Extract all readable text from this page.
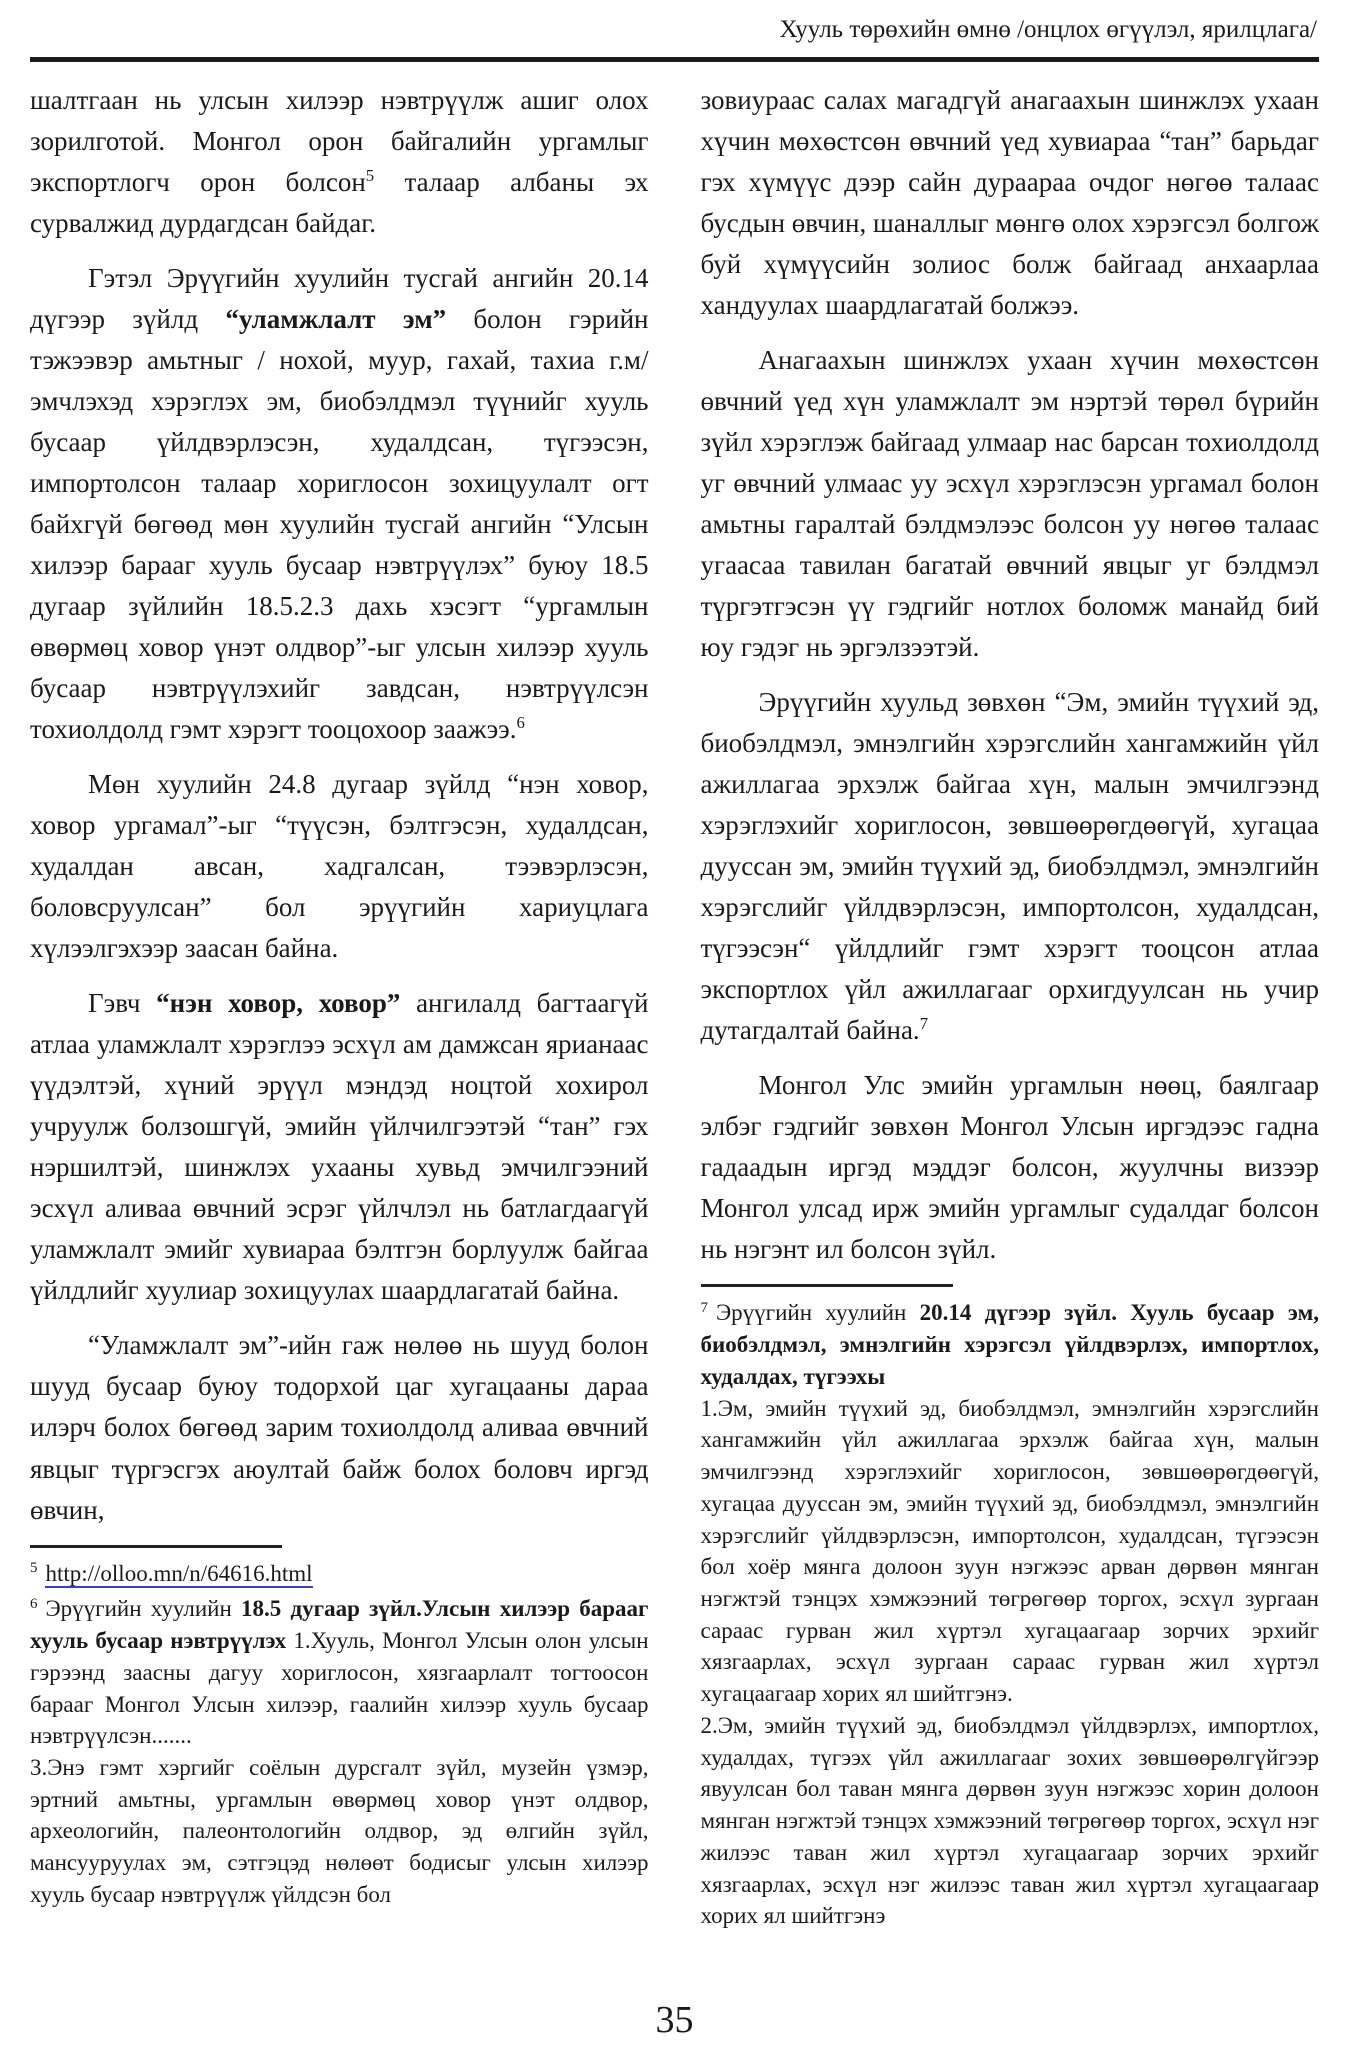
Хууль төрөхийн өмнө /онцлох өгүүлэл, ярилцлага/

шалтгаан нь улсын хилээр нэвтрүүлж ашиг олох зорилготой. Монгол орон байгалийн ургамлыг экспортлогч орон болсон$^5$ талаар албаны эх сурвалжид дурдагдсан байдаг.

Гэтэл Эрүүгийн хуулийн тусгай ангийн 20.14 дүгээр зүйлд “уламжлалт эм” болон гэрийн тэжээвэр амьтныг / нохой, муур, гахай, тахиа г.м/ эмчлэхэд хэрэглэх эм, биобэлдмэл түүнийг хууль бусаар үйлдвэрлэсэн, худалдсан, түгээсэн, импортолсон талаар хориглосон зохицуулалт огт байхгүй бөгөөд мөн хуулийн тусгай ангийн “Улсын хилээр барааг хууль бусаар нэвтрүүлэх” буюу 18.5 дугаар зүйлийн 18.5.2.3 дахь хэсэгт “ургамлын өвөрмөц ховор үнэт олдвор”-ыг улсын хилээр хууль бусаар нэвтрүүлэхийг завдсан, нэвтрүүлсэн тохиолдолд гэмт хэрэгт тооцохоор заажээ.$^6$

Мөн хуулийн 24.8 дугаар зүйлд “нэн ховор, ховор ургамал”-ыг “түүсэн, бэлтгэсэн, худалдсан, худалдан авсан, хадгалсан, тээвэрлэсэн, боловсруулсан” бол эрүүгийн хариуцлага хүлээлгэхээр заасан байна.

Гэвч “нэн ховор, ховор” ангилалд багтаагүй атлаа уламжлалт хэрэглээ эсхүл ам дамжсан ярианаас үүдэлтэй, хүний эрүүл мэндэд ноцтой хохирол учруулж болзошгүй, эмийн үйлчилгээтэй “тан” гэх нэршилтэй, шинжлэх ухааны хувьд эмчилгээний эсхүл аливаа өвчний эсрэг үйлчлэл нь батлагдаагүй уламжлалт эмийг хувиараа бэлтгэн борлуулж байгаа үйлдлийг хуулиар зохицуулах шаардлагатай байна.

“Уламжлалт эм”-ийн гаж нөлөө нь шууд болон шууд бусаар буюу тодорхой цаг хугацааны дараа илэрч болох бөгөөд зарим тохиолдолд аливаа өвчний явцыг түргэсгэх аюултай байж болох боловч иргэд өвчин,

$^5$ http://olloo.mn/n/64616.html
$^6$ Эрүүгийн хуулийн 18.5 дугаар зүйл.Улсын хилээр барааг хууль бусаар нэвтрүүлэх 1.Хууль, Монгол Улсын олон улсын гэрээнд заасны дагуу хориглосон, хязгаарлалт тогтоосон барааг Монгол Улсын хилээр, гаалийн хилээр хууль бусаар нэвтрүүлсэн.......
3.Энэ гэмт хэргийг соёлын дурсгалт зүйл, музейн үзмэр, эртний амьтны, ургамлын өвөрмөц ховор үнэт олдвор, археологийн, палеонтологийн олдвор, эд өлгийн зүйл, мансууруулах эм, сэтгэцэд нөлөөт бодисыг улсын хилээр хууль бусаар нэвтрүүлж үйлдсэн бол

зовиураас салах магадгүй анагаахын шинжлэх ухаан хүчин мөхөстсөн өвчний үед хувиараа “тан” барьдаг гэх хүмүүс дээр сайн дураараа очдог нөгөө талаас бусдын өвчин, шаналлыг мөнгө олох хэрэгсэл болгож буй хүмүүсийн золиос болж байгаад анхаарлаа хандуулах шаардлагатай болжээ.

Анагаахын шинжлэх ухаан хүчин мөхөстсөн өвчний үед хүн уламжлалт эм нэртэй төрөл бүрийн зүйл хэрэглэж байгаад улмаар нас барсан тохиолдолд уг өвчний улмаас уу эсхүл хэрэглэсэн ургамал болон амьтны гаралтай бэлдмэлээс болсон уу нөгөө талаас угаасаа тавилан багатай өвчний явцыг уг бэлдмэл түргэтгэсэн үү гэдгийг нотлох боломж манайд бий юу гэдэг нь эргэлзээтэй.

Эрүүгийн хуульд зөвхөн “Эм, эмийн түүхий эд, биобэлдмэл, эмнэлгийн хэрэгслийн хангамжийн үйл ажиллагаа эрхэлж байгаа хүн, малын эмчилгээнд хэрэглэхийг хориглосон, зөвшөөрөгдөөгүй, хугацаа дууссан эм, эмийн түүхий эд, биобэлдмэл, эмнэлгийн хэрэгслийг үйлдвэрлэсэн, импортолсон, худалдсан, түгээсэн“ үйлдлийг гэмт хэрэгт тооцсон атлаа экспортлох үйл ажиллагааг орхигдуулсан нь учир дутагдалтай байна.$^7$

Монгол Улс эмийн ургамлын нөөц, баялгаар элбэг гэдгийг зөвхөн Монгол Улсын иргэдээс гадна гадаадын иргэд мэддэг болсон, жуулчны визээр Монгол улсад ирж эмийн ургамлыг судалдаг болсон нь нэгэнт ил болсон зүйл.

$^7$ Эрүүгийн хуулийн 20.14 дүгээр зүйл. Хууль бусаар эм, биобэлдмэл, эмнэлгийн хэрэгсэл үйлдвэрлэх, импортлох, худалдах, түгээхы
1.Эм, эмийн түүхий эд, биобэлдмэл, эмнэлгийн хэрэгслийн хангамжийн үйл ажиллагаа эрхэлж байгаа хүн, малын эмчилгээнд хэрэглэхийг хориглосон, зөвшөөрөгдөөгүй, хугацаа дууссан эм, эмийн түүхий эд, биобэлдмэл, эмнэлгийн хэрэгслийг үйлдвэрлэсэн, импортолсон, худалдсан, түгээсэн бол хоёр мянга долоон зуун нэгжээс арван дөрвөн мянган нэгжтэй тэнцэх хэмжээний төгрөгөөр торгох, эсхүл зургаан сараас гурван жил хүртэл хугацаагаар зорчих эрхийг хязгаарлах, эсхүл зургаан сараас гурван жил хүртэл хугацаагаар хорих ял шийтгэнэ.
2.Эм, эмийн түүхий эд, биобэлдмэл үйлдвэрлэх, импортлох, худалдах, түгээх үйл ажиллагааг зохих зөвшөөрөлгүйгээр явуулсан бол таван мянга дөрвөн зуун нэгжээс хорин долоон мянган нэгжтэй тэнцэх хэмжээний төгрөгөөр торгох, эсхүл нэг жилээс таван жил хүртэл хугацаагаар зорчих эрхийг хязгаарлах, эсхүл нэг жилээс таван жил хүртэл хугацаагаар хорих ял шийтгэнэ
35
